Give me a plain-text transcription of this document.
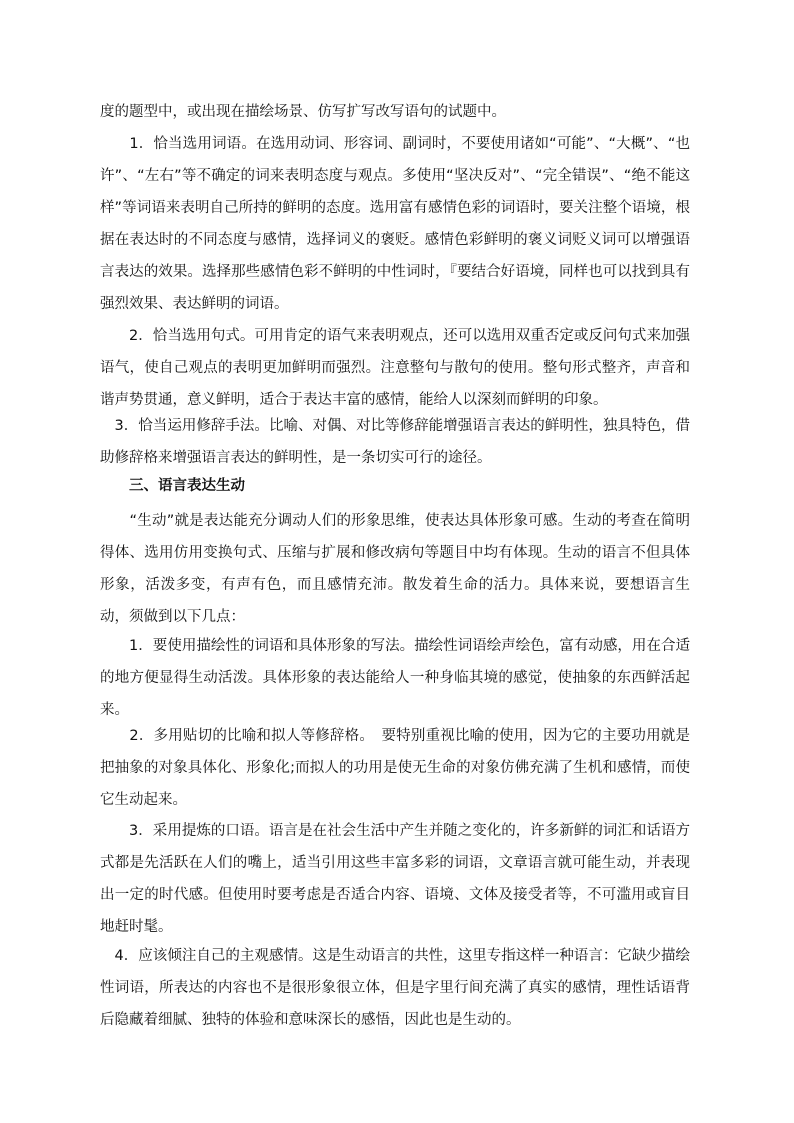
度的题型中，或出现在描绘场景、仿写扩写改写语句的试题中。

　　1．恰当选用词语。在选用动词、形容词、副词时，不要使用诸如“可能”、“大概”、“也许”、“左右”等不确定的词来表明态度与观点。多使用“坚决反对”、“完全错误”、“绝不能这样”等词语来表明自己所持的鲜明的态度。选用富有感情色彩的词语时，要关注整个语境，根据在表达时的不同态度与感情，选择词义的褒贬。感情色彩鲜明的褒义词贬义词可以增强语言表达的效果。选择那些感情色彩不鲜明的中性词时，『要结合好语境，同样也可以找到具有强烈效果、表达鲜明的词语。

　　2．恰当选用句式。可用肯定的语气来表明观点，还可以选用双重否定或反问句式来加强语气，使自己观点的表明更加鲜明而强烈。注意整句与散句的使用。整句形式整齐，声音和谐声势贯通，意义鲜明，适合于表达丰富的感情，能给人以深刻而鲜明的印象。

　3．恰当运用修辞手法。比喻、对偶、对比等修辞能增强语言表达的鲜明性，独具特色，借助修辞格来增强语言表达的鲜明性，是一条切实可行的途径。

　　三、语言表达生动

　　“生动”就是表达能充分调动人们的形象思维，使表达具体形象可感。生动的考查在简明得体、选用仿用变换句式、压缩与扩展和修改病句等题目中均有体现。生动的语言不但具体形象，活泼多变，有声有色，而且感情充沛。散发着生命的活力。具体来说，要想语言生动，须做到以下几点：

　　1．要使用描绘性的词语和具体形象的写法。描绘性词语绘声绘色，富有动感，用在合适的地方便显得生动活泼。具体形象的表达能给人一种身临其境的感觉，使抽象的东西鲜活起来。

　　2．多用贴切的比喻和拟人等修辞格。　要特别重视比喻的使用，因为它的主要功用就是把抽象的对象具体化、形象化;而拟人的功用是使无生命的对象仿佛充满了生机和感情，而使它生动起来。

　　3．采用提炼的口语。语言是在社会生活中产生并随之变化的，许多新鲜的词汇和话语方式都是先活跃在人们的嘴上，适当引用这些丰富多彩的词语，文章语言就可能生动，并表现出一定的时代感。但使用时要考虑是否适合内容、语境、文体及接受者等，不可滥用或盲目地赶时髦。

　4．应该倾注自己的主观感情。这是生动语言的共性，这里专指这样一种语言：它缺少描绘性词语，所表达的内容也不是很形象很立体，但是字里行间充满了真实的感情，理性话语背后隐藏着细腻、独特的体验和意味深长的感悟，因此也是生动的。
